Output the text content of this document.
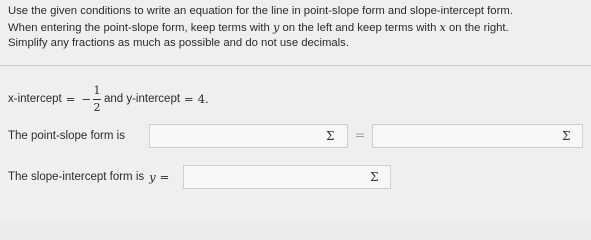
Use the given conditions to write an equation for the line in point-slope form and slope-intercept form.

When entering the point-slope form, keep terms with y on the left and keep terms with x on the right.

Simplify any fractions as much as possible and do not use decimals.

x-intercept = − $\frac{1}{2}$ and y-intercept = 4.
The point-slope form is	Σ =	Σ
The slope-intercept form is y =	Σ
